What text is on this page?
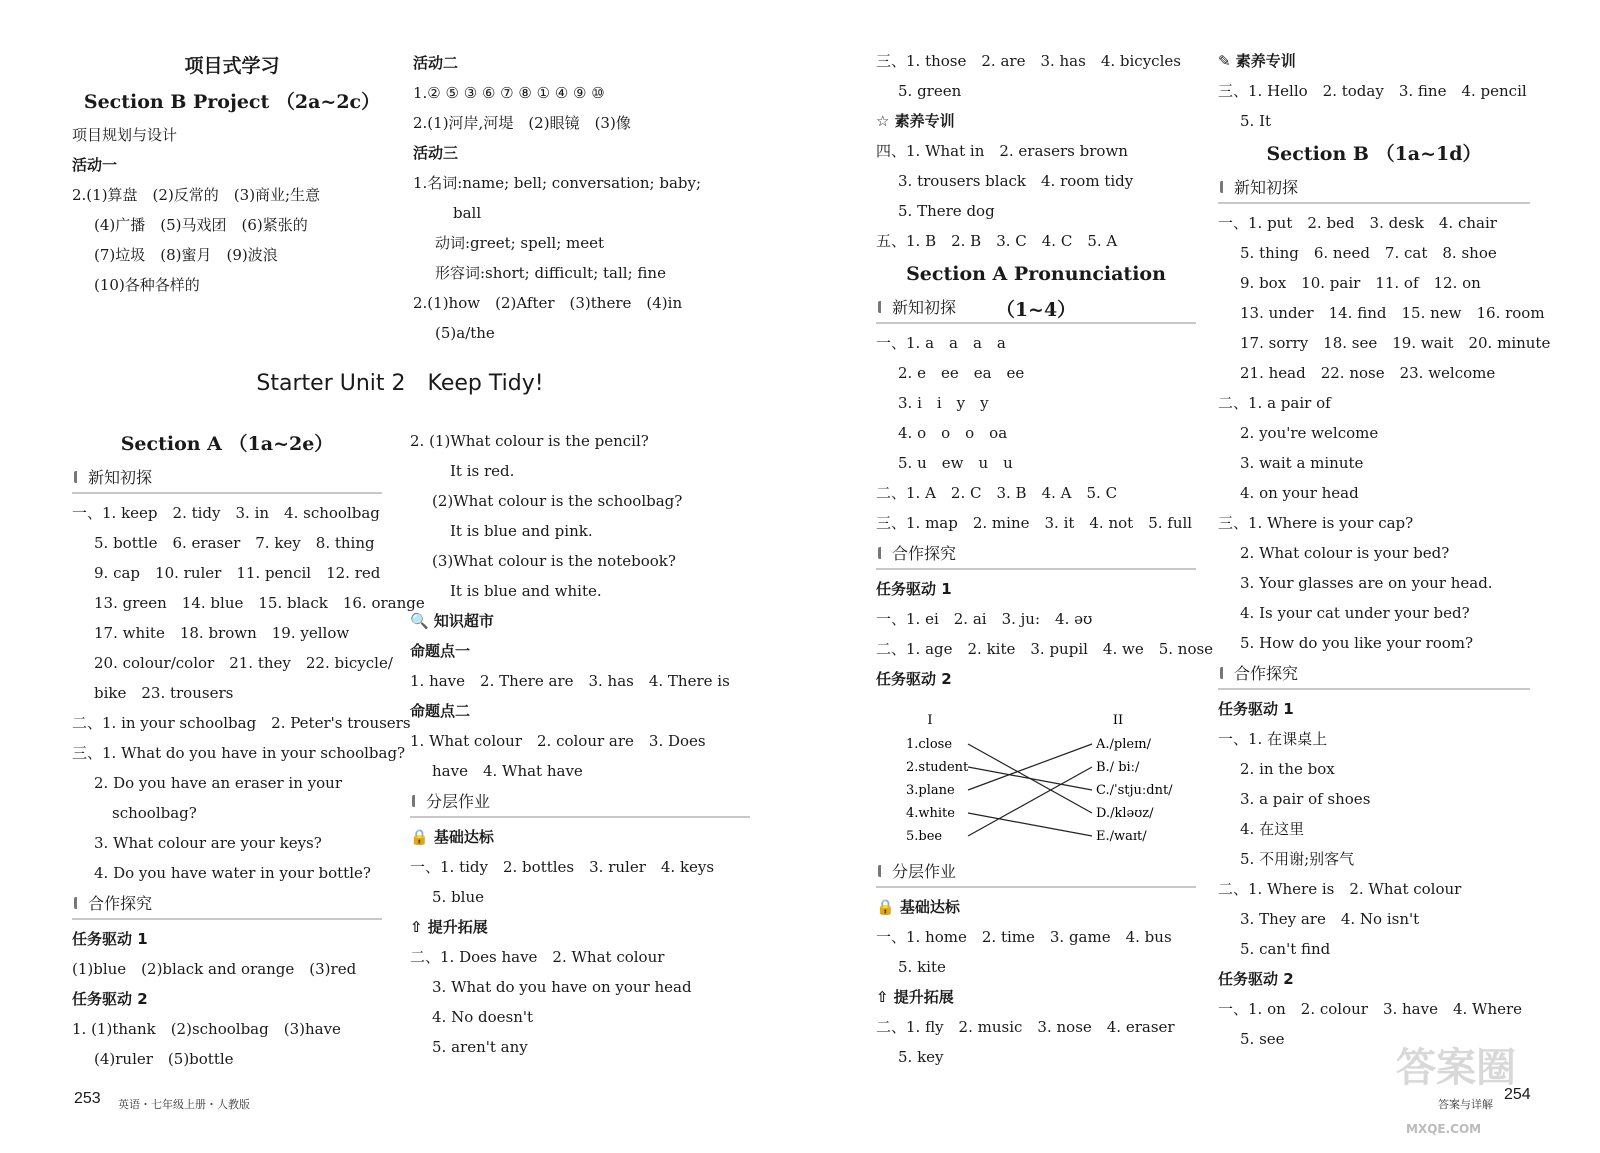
项目式学习
Section B Project （2a~2c）
项目规划与设计
活动一
2.(1)算盘　(2)反常的　(3)商业;生意
(4)广播　(5)马戏团　(6)紧张的
(7)垃圾　(8)蜜月　(9)波浪
(10)各种各样的
活动二
1.② ⑤ ③ ⑥ ⑦ ⑧ ① ④ ⑨ ⑩
2.(1)河岸,河堤　(2)眼镜　(3)像
活动三
1.名词:name; bell; conversation; baby;
ball
动词:greet; spell; meet
形容词:short; difficult; tall; fine
2.(1)how　(2)After　(3)there　(4)in
(5)a/the
Starter Unit 2　Keep Tidy!
Section A （1a~2e）
新知初探
一、1. keep　2. tidy　3. in　4. schoolbag
5. bottle　6. eraser　7. key　8. thing
9. cap　10. ruler　11. pencil　12. red
13. green　14. blue　15. black　16. orange
17. white　18. brown　19. yellow
20. colour/color　21. they　22. bicycle/
bike　23. trousers
二、1. in your schoolbag　2. Peter's trousers
三、1. What do you have in your schoolbag?
2. Do you have an eraser in your
schoolbag?
3. What colour are your keys?
4. Do you have water in your bottle?
合作探究
任务驱动 1
(1)blue　(2)black and orange　(3)red
任务驱动 2
1. (1)thank　(2)schoolbag　(3)have
(4)ruler　(5)bottle
2. (1)What colour is the pencil?
It is red.
(2)What colour is the schoolbag?
It is blue and pink.
(3)What colour is the notebook?
It is blue and white.
🔍 知识超市
命题点一
1. have　2. There are　3. has　4. There is
命题点二
1. What colour　2. colour are　3. Does
have　4. What have
分层作业
🔒 基础达标
一、1. tidy　2. bottles　3. ruler　4. keys
5. blue
⇧ 提升拓展
二、1. Does have　2. What colour
3. What do you have on your head
4. No doesn't
5. aren't any
253 英语・七年级上册・人教版
三、1. those　2. are　3. has　4. bicycles
5. green
☆ 素养专训
四、1. What in　2. erasers brown
3. trousers black　4. room tidy
5. There dog
五、1. B　2. B　3. C　4. C　5. A
Section A Pronunciation （1~4）
新知初探
一、1. a　a　a　a
2. e　ee　ea　ee
3. i　i　y　y
4. o　o　o　oa
5. u　ew　u　u
二、1. A　2. C　3. B　4. A　5. C
三、1. map　2. mine　3. it　4. not　5. full
合作探究
任务驱动 1
一、1. ei　2. ai　3. ju:　4. əʊ
二、1. age　2. kite　3. pupil　4. we　5. nose
任务驱动 2
I	II
1.close
2.student
3.plane
4.white
5.bee
A./pleɪn/
B./ biː/
C./ˈstjuːdnt/
D./kləʊz/
E./waɪt/
分层作业
🔒 基础达标
一、1. home　2. time　3. game　4. bus
5. kite
⇧ 提升拓展
二、1. fly　2. music　3. nose　4. eraser
5. key
✎ 素养专训
三、1. Hello　2. today　3. fine　4. pencil
5. It
Section B （1a~1d）
新知初探
一、1. put　2. bed　3. desk　4. chair
5. thing　6. need　7. cat　8. shoe
9. box　10. pair　11. of　12. on
13. under　14. find　15. new　16. room
17. sorry　18. see　19. wait　20. minute
21. head　22. nose　23. welcome
二、1. a pair of
2. you're welcome
3. wait a minute
4. on your head
三、1. Where is your cap?
2. What colour is your bed?
3. Your glasses are on your head.
4. Is your cat under your bed?
5. How do you like your room?
合作探究
任务驱动 1
一、1. 在课桌上
2. in the box
3. a pair of shoes
4. 在这里
5. 不用谢;别客气
二、1. Where is　2. What colour
3. They are　4. No isn't
5. can't find
任务驱动 2
一、1. on　2. colour　3. have　4. Where
5. see
254
答案与详解
答案圈
MXQE.COM
